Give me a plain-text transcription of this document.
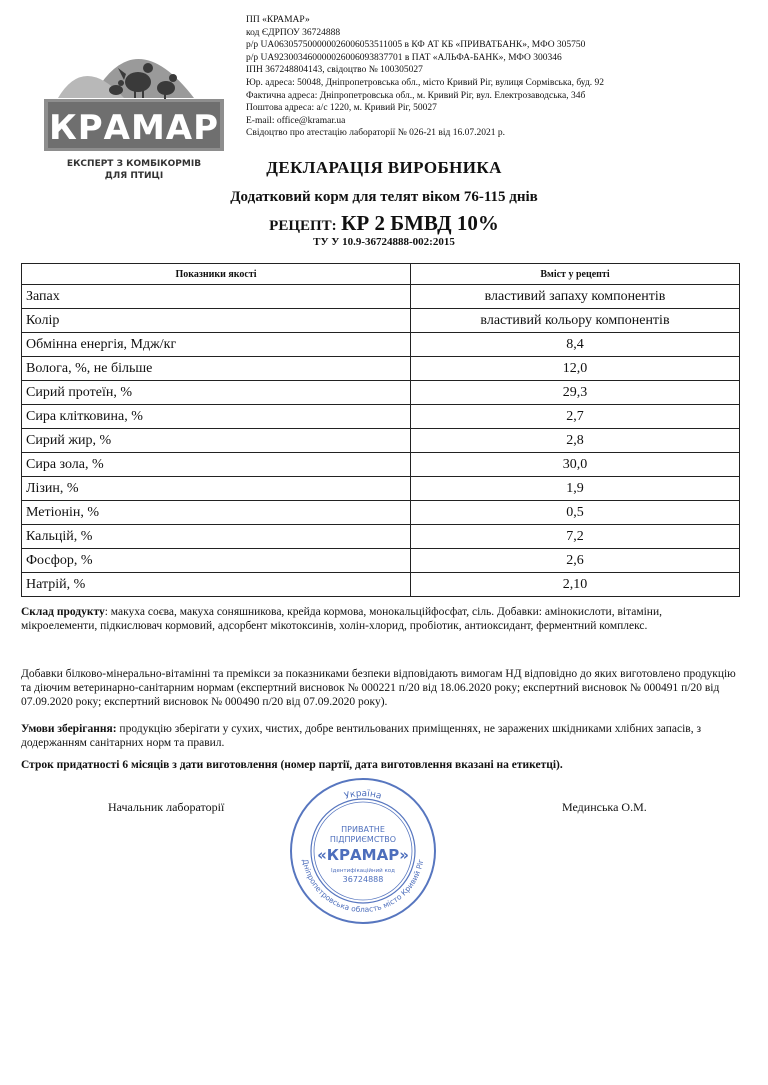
КРАМАР
ЕКСПЕРТ З КОМБІКОРМІВ
ДЛЯ ПТИЦІ
ПП «КРАМАР»
код ЄДРПОУ 36724888
р/р UA063057500000026006053511005 в КФ АТ КБ «ПРИВАТБАНК», МФО 305750
р/р UA923003460000026006093837701 в ПАТ «АЛЬФА-БАНК», МФО 300346
ІПН 367248804143, свідоцтво № 100305027
Юр. адреса: 50048, Дніпропетровська обл., місто Кривий Ріг, вулиця Сормівська, буд. 92
Фактична адреса: Дніпропетровська обл., м. Кривий Ріг, вул. Електрозаводська, 34б
Поштова адреса: а/с 1220, м. Кривий Ріг, 50027
E-mail: office@kramar.ua
Свідоцтво про атестацію лабораторії № 026-21 від 16.07.2021 р.
ДЕКЛАРАЦІЯ ВИРОБНИКА
Додатковий корм для телят віком 76-115 днів
РЕЦЕПТ: КР 2 БМВД 10%
ТУ У 10.9-36724888-002:2015
Показники якості	Вміст у рецепті
Запах	властивий запаху компонентів
Колір	властивий кольору компонентів
Обмінна енергія, Мдж/кг	8,4
Волога, %, не більше	12,0
Сирий протеїн, %	29,3
Сира клітковина, %	2,7
Сирий жир, %	2,8
Сира зола, %	30,0
Лізин, %	1,9
Метіонін, %	0,5
Кальцій, %	7,2
Фосфор, %	2,6
Натрій, %	2,10
Склад продукту: макуха соєва, макуха соняшникова, крейда кормова, монокальційфосфат, сіль. Добавки: амінокислоти, вітаміни, мікроелементи, підкислювач кормовий, адсорбент мікотоксинів, холін-хлорид, пробіотик, антиоксидант, ферментний комплекс.
Добавки білково-мінерально-вітамінні та премікси за показниками безпеки відповідають вимогам НД відповідно до яких виготовлено продукцію та діючим ветеринарно-санітарним нормам (експертний висновок № 000221 п/20 від 18.06.2020 року; експертний висновок № 000491 п/20 від 07.09.2020 року; експертний висновок № 000490 п/20 від 07.09.2020 року).
Умови зберігання: продукцію зберігати у сухих, чистих, добре вентильованих приміщеннях, не заражених шкідниками хлібних запасів, з додержанням санітарних норм та правил.
Строк придатності 6 місяців з дати виготовлення (номер партії, дата виготовлення вказані на етикетці).
Начальник лабораторії	Мединська О.М.
Україна
Дніпропетровська область місто Кривий Ріг
ПРИВАТНЕ
ПІДПРИЄМСТВО
«КРАМАР»
Ідентифікаційний код
36724888
